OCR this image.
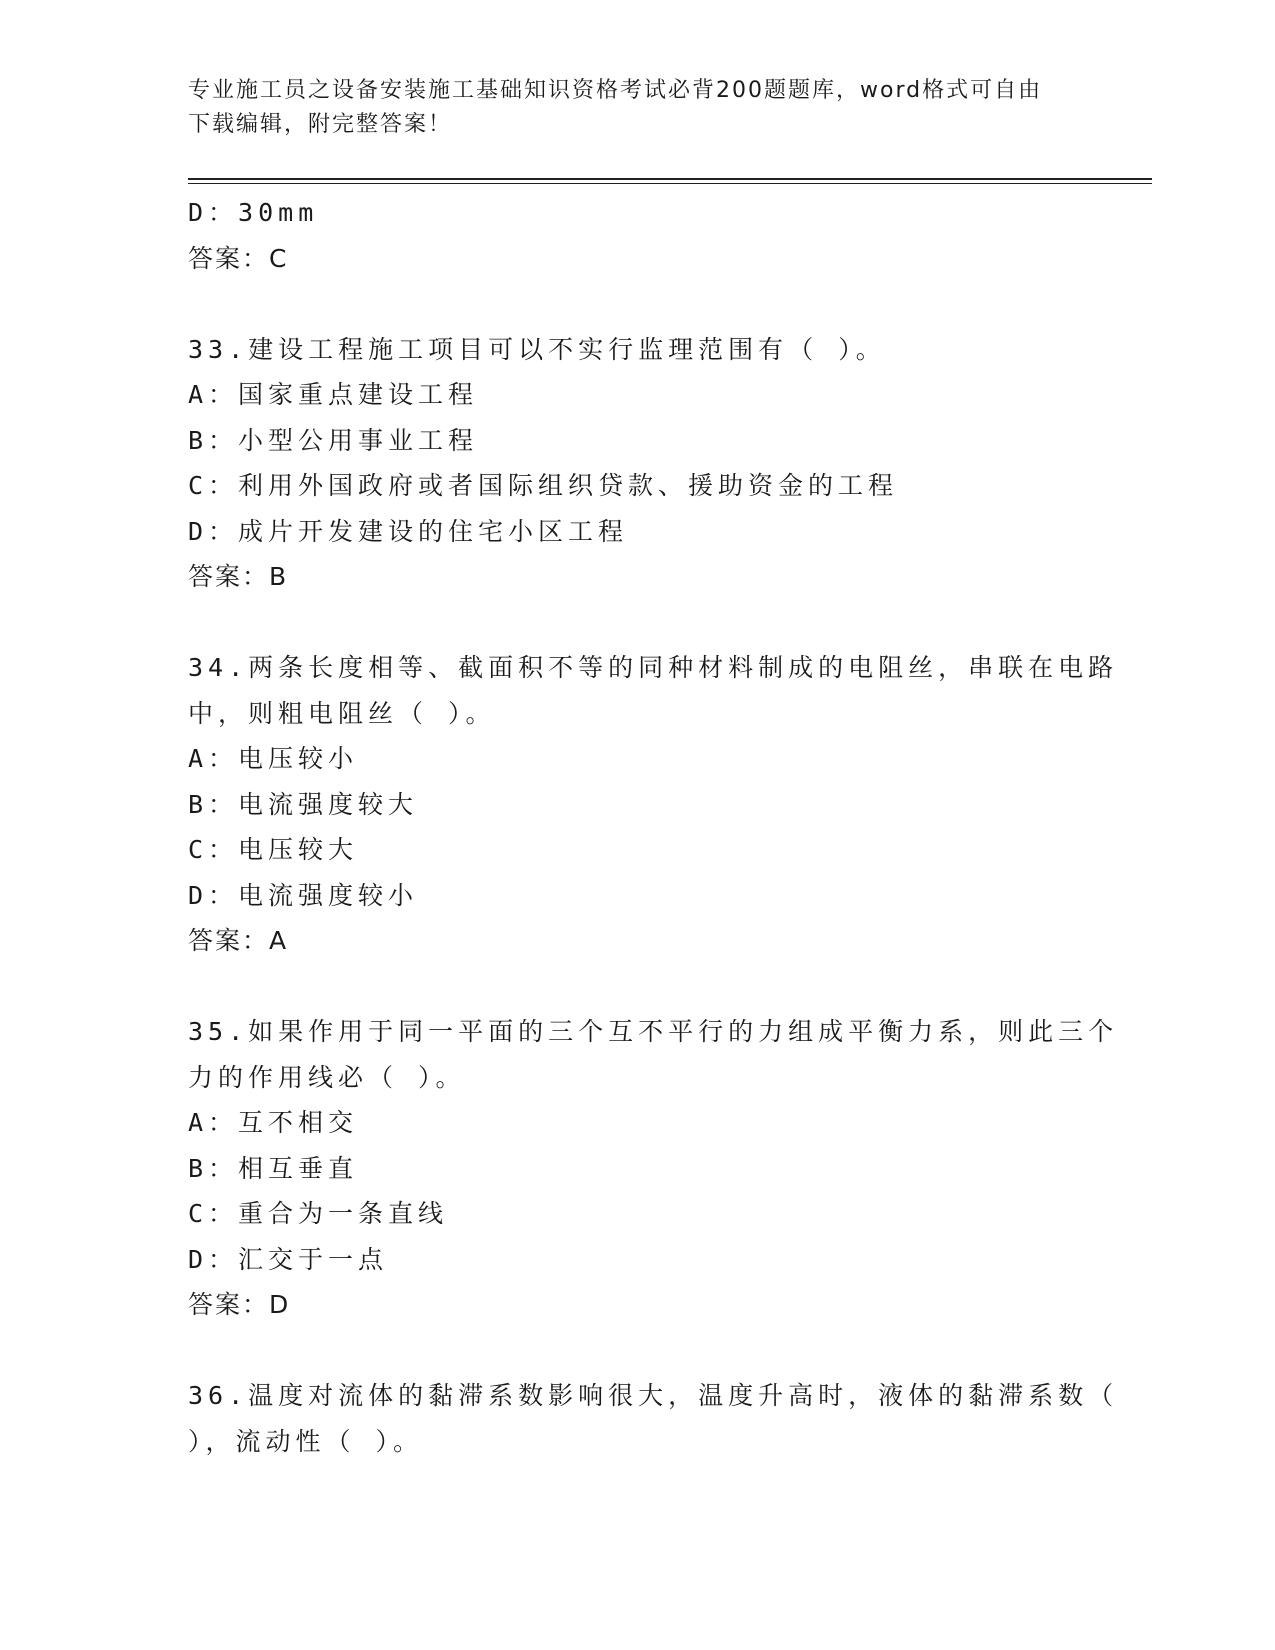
专业施工员之设备安装施工基础知识资格考试必背200题题库，word格式可自由
下载编辑，附完整答案！
D：30mm
答案：C
33.建设工程施工项目可以不实行监理范围有（ ）。
A：国家重点建设工程
B：小型公用事业工程
C：利用外国政府或者国际组织贷款、援助资金的工程
D：成片开发建设的住宅小区工程
答案：B
34.两条长度相等、截面积不等的同种材料制成的电阻丝，串联在电路
中，则粗电阻丝（ ）。
A：电压较小
B：电流强度较大
C：电压较大
D：电流强度较小
答案：A
35.如果作用于同一平面的三个互不平行的力组成平衡力系，则此三个
力的作用线必（ ）。
A：互不相交
B：相互垂直
C：重合为一条直线
D：汇交于一点
答案：D
36.温度对流体的黏滞系数影响很大，温度升高时，液体的黏滞系数（
），流动性（ ）。
